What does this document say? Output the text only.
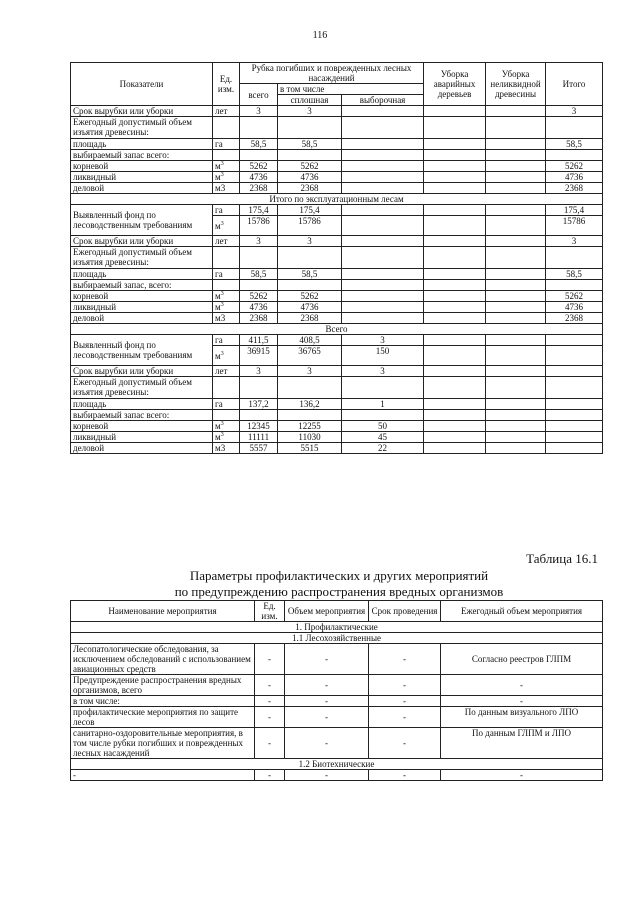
116
Показатели	Ед. изм.	Рубка погибших и поврежденных лесных насаждений			Уборка аварийных деревьев	Уборка неликвидной древесины	Итого
		всего	в том числе				
			сплошная	выборочная			
Срок вырубки или уборки	лет	3	3				3
Ежегодный допустимый объем изъятия древесины:							
площадь	га	58,5	58,5				58,5
выбираемый запас всего:							
корневой	$м^3$	5262	5262				5262
ликвидный	$м^3$	4736	4736				4736
деловой	м3	2368	2368				2368
Итого по эксплуатационным лесам							
Выявленный фонд по лесоводственным требованиям	га	175,4	175,4				175,4
	$м^3$	15786	15786				15786
Срок вырубки или уборки	лет	3	3				3
Ежегодный допустимый объем изъятия древесины:							
площадь	га	58,5	58,5				58,5
выбираемый запас, всего:							
корневой	$м^3$	5262	5262				5262
ликвидный	$м^3$	4736	4736				4736
деловой	м3	2368	2368				2368
Всего							
Выявленный фонд по лесоводственным требованиям	га	411,5	408,5	3			
	$м^3$	36915	36765	150			
Срок вырубки или уборки	лет	3	3	3			
Ежегодный допустимый объем изъятия древесины:							
площадь	га	137,2	136,2	1			
выбираемый запас всего:							
корневой	$м^3$	12345	12255	50			
ликвидный	$м^3$	11111	11030	45			
деловой	м3	5557	5515	22			
Таблица 16.1
Параметры профилактических и других мероприятий
по предупреждению распространения вредных организмов
Наименование мероприятия	Ед. изм.	Объем мероприятия	Срок проведения	Ежегодный объем мероприятия
1. Профилактические				
1.1 Лесохозяйственные				
Лесопатологические обследования, за исключением обследований с использованием авиационных средств	-	-	-	Согласно реестров ГЛПМ
Предупреждение распространения вредных организмов, всего	-	-	-	-
в том числе:	-	-	-	-
профилактические мероприятия по защите лесов	-	-	-	По данным визуального ЛПО
санитарно-оздоровительные мероприятия, в том числе рубки погибших и поврежденных лесных насаждений	-	-	-	По данным ГЛПМ и ЛПО
1.2 Биотехнические				
-	-	-	-	-
